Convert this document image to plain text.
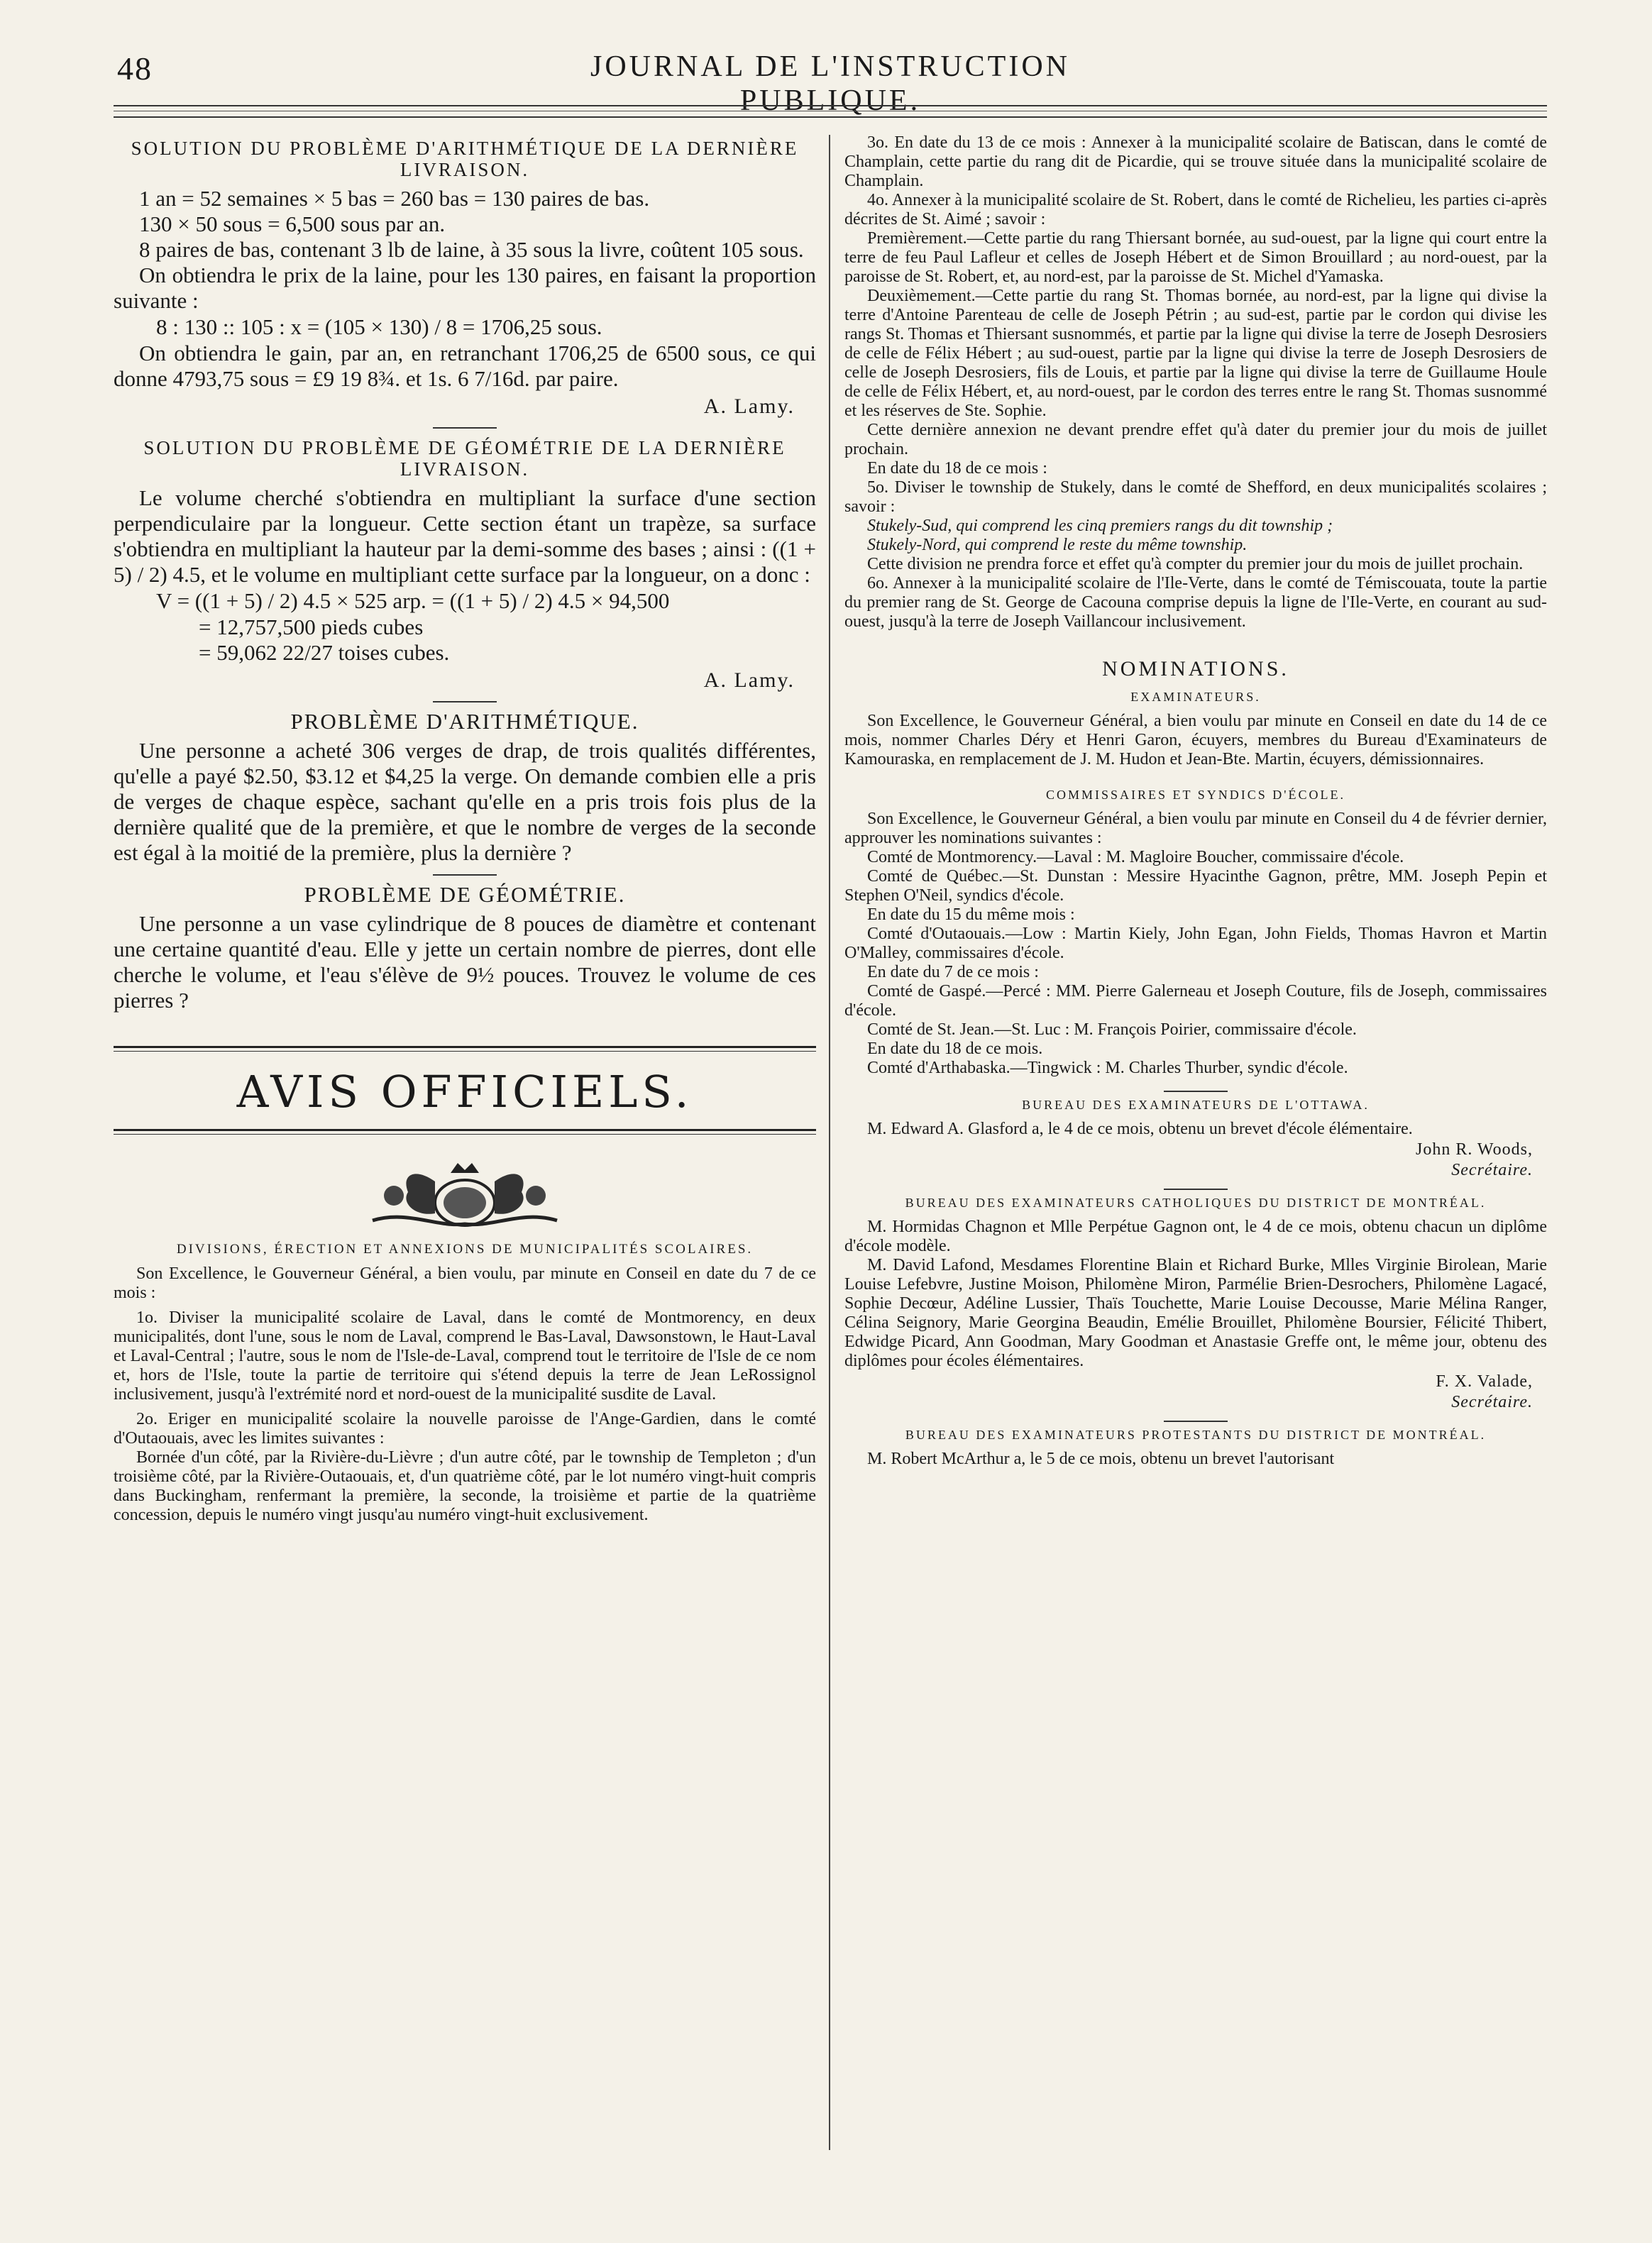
48	JOURNAL DE L'INSTRUCTION PUBLIQUE.
SOLUTION DU PROBLÈME D'ARITHMÉTIQUE DE LA DERNIÈRE LIVRAISON.

1 an = 52 semaines × 5 bas = 260 bas = 130 paires de bas.

130 × 50 sous = 6,500 sous par an.

8 paires de bas, contenant 3 lb de laine, à 35 sous la livre, coûtent 105 sous.

On obtiendra le prix de la laine, pour les 130 paires, en faisant la proportion suivante :

8 : 130 :: 105 : x = (105 × 130) / 8 = 1706,25 sous.

On obtiendra le gain, par an, en retranchant 1706,25 de 6500 sous, ce qui donne 4793,75 sous = £9 19 8¾. et 1s. 6 7/16d. par paire.

A. Lamy.
SOLUTION DU PROBLÈME DE GÉOMÉTRIE DE LA DERNIÈRE LIVRAISON.

Le volume cherché s'obtiendra en multipliant la surface d'une section perpendiculaire par la longueur. Cette section étant un trapèze, sa surface s'obtiendra en multipliant la hauteur par la demi-somme des bases ; ainsi : ((1 + 5) / 2) 4.5, et le volume en multipliant cette surface par la longueur, on a donc :

V = ((1 + 5) / 2) 4.5 × 525 arp. = ((1 + 5) / 2) 4.5 × 94,500

= 12,757,500 pieds cubes

= 59,062 22/27 toises cubes.

A. Lamy.
PROBLÈME D'ARITHMÉTIQUE.

Une personne a acheté 306 verges de drap, de trois qualités différentes, qu'elle a payé $2.50, $3.12 et $4,25 la verge. On demande combien elle a pris de verges de chaque espèce, sachant qu'elle en a pris trois fois plus de la dernière qualité que de la première, et que le nombre de verges de la seconde est égal à la moitié de la première, plus la dernière ?

PROBLÈME DE GÉOMÉTRIE.

Une personne a un vase cylindrique de 8 pouces de diamètre et contenant une certaine quantité d'eau. Elle y jette un certain nombre de pierres, dont elle cherche le volume, et l'eau s'élève de 9½ pouces. Trouvez le volume de ces pierres ?

AVIS OFFICIELS.
DIVISIONS, ÉRECTION ET ANNEXIONS DE MUNICIPALITÉS SCOLAIRES.

Son Excellence, le Gouverneur Général, a bien voulu, par minute en Conseil en date du 7 de ce mois :

1o. Diviser la municipalité scolaire de Laval, dans le comté de Montmorency, en deux municipalités, dont l'une, sous le nom de Laval, comprend le Bas-Laval, Dawsonstown, le Haut-Laval et Laval-Central ; l'autre, sous le nom de l'Isle-de-Laval, comprend tout le territoire de l'Isle de ce nom et, hors de l'Isle, toute la partie de territoire qui s'étend depuis la terre de Jean LeRossignol inclusivement, jusqu'à l'extrémité nord et nord-ouest de la municipalité susdite de Laval.

2o. Eriger en municipalité scolaire la nouvelle paroisse de l'Ange-Gardien, dans le comté d'Outaouais, avec les limites suivantes :

Bornée d'un côté, par la Rivière-du-Lièvre ; d'un autre côté, par le township de Templeton ; d'un troisième côté, par la Rivière-Outaouais, et, d'un quatrième côté, par le lot numéro vingt-huit compris dans Buckingham, renfermant la première, la seconde, la troisième et partie de la quatrième concession, depuis le numéro vingt jusqu'au numéro vingt-huit exclusivement.

3o. En date du 13 de ce mois : Annexer à la municipalité scolaire de Batiscan, dans le comté de Champlain, cette partie du rang dit de Picardie, qui se trouve située dans la municipalité scolaire de Champlain.

4o. Annexer à la municipalité scolaire de St. Robert, dans le comté de Richelieu, les parties ci-après décrites de St. Aimé ; savoir :

Premièrement.—Cette partie du rang Thiersant bornée, au sud-ouest, par la ligne qui court entre la terre de feu Paul Lafleur et celles de Joseph Hébert et de Simon Brouillard ; au nord-ouest, par la paroisse de St. Robert, et, au nord-est, par la paroisse de St. Michel d'Yamaska.

Deuxièmement.—Cette partie du rang St. Thomas bornée, au nord-est, par la ligne qui divise la terre d'Antoine Parenteau de celle de Joseph Pétrin ; au sud-est, partie par le cordon qui divise les rangs St. Thomas et Thiersant susnommés, et partie par la ligne qui divise la terre de Joseph Desrosiers de celle de Félix Hébert ; au sud-ouest, partie par la ligne qui divise la terre de Joseph Desrosiers de celle de Joseph Desrosiers, fils de Louis, et partie par la ligne qui divise la terre de Guillaume Houle de celle de Félix Hébert, et, au nord-ouest, par le cordon des terres entre le rang St. Thomas susnommé et les réserves de Ste. Sophie.

Cette dernière annexion ne devant prendre effet qu'à dater du premier jour du mois de juillet prochain.

En date du 18 de ce mois :

5o. Diviser le township de Stukely, dans le comté de Shefford, en deux municipalités scolaires ; savoir :

Stukely-Sud, qui comprend les cinq premiers rangs du dit township ;

Stukely-Nord, qui comprend le reste du même township.

Cette division ne prendra force et effet qu'à compter du premier jour du mois de juillet prochain.

6o. Annexer à la municipalité scolaire de l'Ile-Verte, dans le comté de Témiscouata, toute la partie du premier rang de St. George de Cacouna comprise depuis la ligne de l'Ile-Verte, en courant au sud-ouest, jusqu'à la terre de Joseph Vaillancour inclusivement.

NOMINATIONS.
EXAMINATEURS.

Son Excellence, le Gouverneur Général, a bien voulu par minute en Conseil en date du 14 de ce mois, nommer Charles Déry et Henri Garon, écuyers, membres du Bureau d'Examinateurs de Kamouraska, en remplacement de J. M. Hudon et Jean-Bte. Martin, écuyers, démissionnaires.

COMMISSAIRES ET SYNDICS D'ÉCOLE.

Son Excellence, le Gouverneur Général, a bien voulu par minute en Conseil du 4 de février dernier, approuver les nominations suivantes :

Comté de Montmorency.—Laval : M. Magloire Boucher, commissaire d'école.

Comté de Québec.—St. Dunstan : Messire Hyacinthe Gagnon, prêtre, MM. Joseph Pepin et Stephen O'Neil, syndics d'école.

En date du 15 du même mois :

Comté d'Outaouais.—Low : Martin Kiely, John Egan, John Fields, Thomas Havron et Martin O'Malley, commissaires d'école.

En date du 7 de ce mois :

Comté de Gaspé.—Percé : MM. Pierre Galerneau et Joseph Couture, fils de Joseph, commissaires d'école.

Comté de St. Jean.—St. Luc : M. François Poirier, commissaire d'école.

En date du 18 de ce mois.

Comté d'Arthabaska.—Tingwick : M. Charles Thurber, syndic d'école.

BUREAU DES EXAMINATEURS DE L'OTTAWA.

M. Edward A. Glasford a, le 4 de ce mois, obtenu un brevet d'école élémentaire.

John R. Woods,
Secrétaire.
BUREAU DES EXAMINATEURS CATHOLIQUES DU DISTRICT DE MONTRÉAL.

M. Hormidas Chagnon et Mlle Perpétue Gagnon ont, le 4 de ce mois, obtenu chacun un diplôme d'école modèle.

M. David Lafond, Mesdames Florentine Blain et Richard Burke, Mlles Virginie Birolean, Marie Louise Lefebvre, Justine Moison, Philomène Miron, Parmélie Brien-Desrochers, Philomène Lagacé, Sophie Decœur, Adéline Lussier, Thaïs Touchette, Marie Louise Decousse, Marie Mélina Ranger, Célina Seignory, Marie Georgina Beaudin, Emélie Brouillet, Philomène Boursier, Félicité Thibert, Edwidge Picard, Ann Goodman, Mary Goodman et Anastasie Greffe ont, le même jour, obtenu des diplômes pour écoles élémentaires.

F. X. Valade,
Secrétaire.
BUREAU DES EXAMINATEURS PROTESTANTS DU DISTRICT DE MONTRÉAL.

M. Robert McArthur a, le 5 de ce mois, obtenu un brevet l'autorisant
